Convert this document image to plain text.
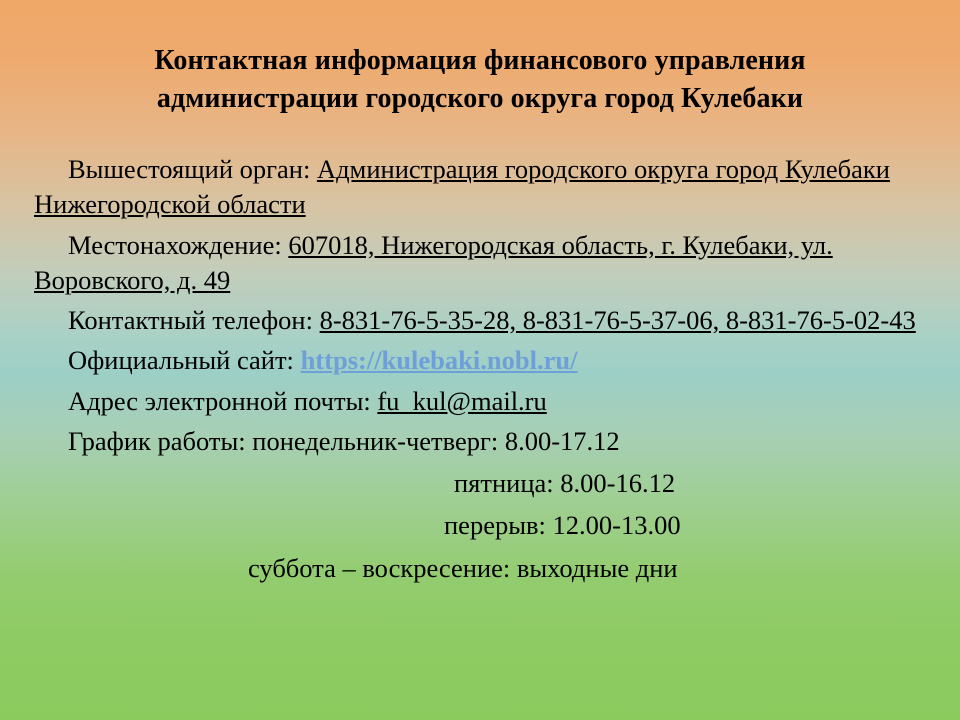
Контактная информация финансового управления
администрации городского округа город Кулебаки

Вышестоящий орган: Администрация городского округа город Кулебаки Нижегородской области

Местонахождение: 607018, Нижегородская область, г. Кулебаки, ул. Воровского, д. 49

Контактный телефон: 8-831-76-5-35-28, 8-831-76-5-37-06, 8-831-76-5-02-43

Официальный сайт: https://kulebaki.nobl.ru/

Адрес электронной почты: fu_kul@mail.ru

График работы: понедельник-четверг: 8.00-17.12

пятница: 8.00-16.12

перерыв: 12.00-13.00

суббота – воскресение: выходные дни
